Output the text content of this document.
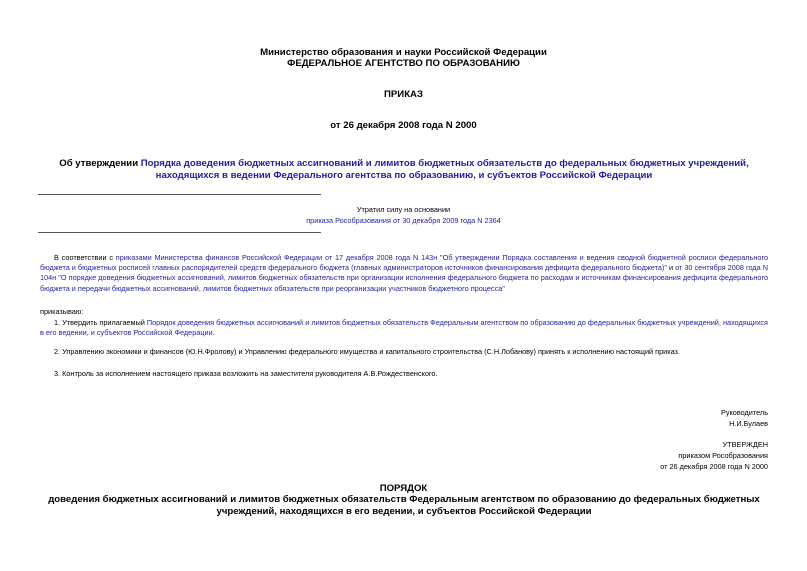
Министерство образования и науки Российской Федерации
ФЕДЕРАЛЬНОЕ АГЕНТСТВО ПО ОБРАЗОВАНИЮ
ПРИКАЗ
от 26 декабря 2008 года N 2000
Об утверждении Порядка доведения бюджетных ассигнований и лимитов бюджетных обязательств до федеральных бюджетных учреждений, находящихся в ведении Федерального агентства по образованию, и субъектов Российской Федерации
Утратил силу на основании
приказа Рособразования от 30 декабря 2009 года N 2364
В соответствии с приказами Министерства финансов Российской Федерации от 17 декабря 2008 года N 143н "Об утверждении Порядка составления и ведения сводной бюджетной росписи федерального бюджета и бюджетных росписей главных распорядителей средств федерального бюджета (главных администраторов источников финансирования дефицита федерального бюджета)" и от 30 сентября 2008 года N 104н "О порядке доведения бюджетных ассигнований, лимитов бюджетных обязательств при организации исполнения федерального бюджета по расходам и источникам финансирования дефицита федерального бюджета и передачи бюджетных ассигнований, лимитов бюджетных обязательств при реорганизации участников бюджетного процесса"
приказываю:
1. Утвердить прилагаемый Порядок доведения бюджетных ассигнований и лимитов бюджетных обязательств Федеральным агентством по образованию до федеральных бюджетных учреждений, находящихся в его ведении, и субъектов Российской Федерации.
2. Управлению экономики и финансов (Ю.Н.Фролову) и Управлению федерального имущества и капитального строительства (С.Н.Лобанову) принять к исполнению настоящий приказ.
3. Контроль за исполнением настоящего приказа возложить на заместителя руководителя А.В.Рождественского.
Руководитель
Н.И.Булаев
УТВЕРЖДЕН
приказом Рособразования
от 26 декабря 2008 года N 2000
ПОРЯДОК
доведения бюджетных ассигнований и лимитов бюджетных обязательств Федеральным агентством по образованию до федеральных бюджетных учреждений, находящихся в его ведении, и субъектов Российской Федерации
